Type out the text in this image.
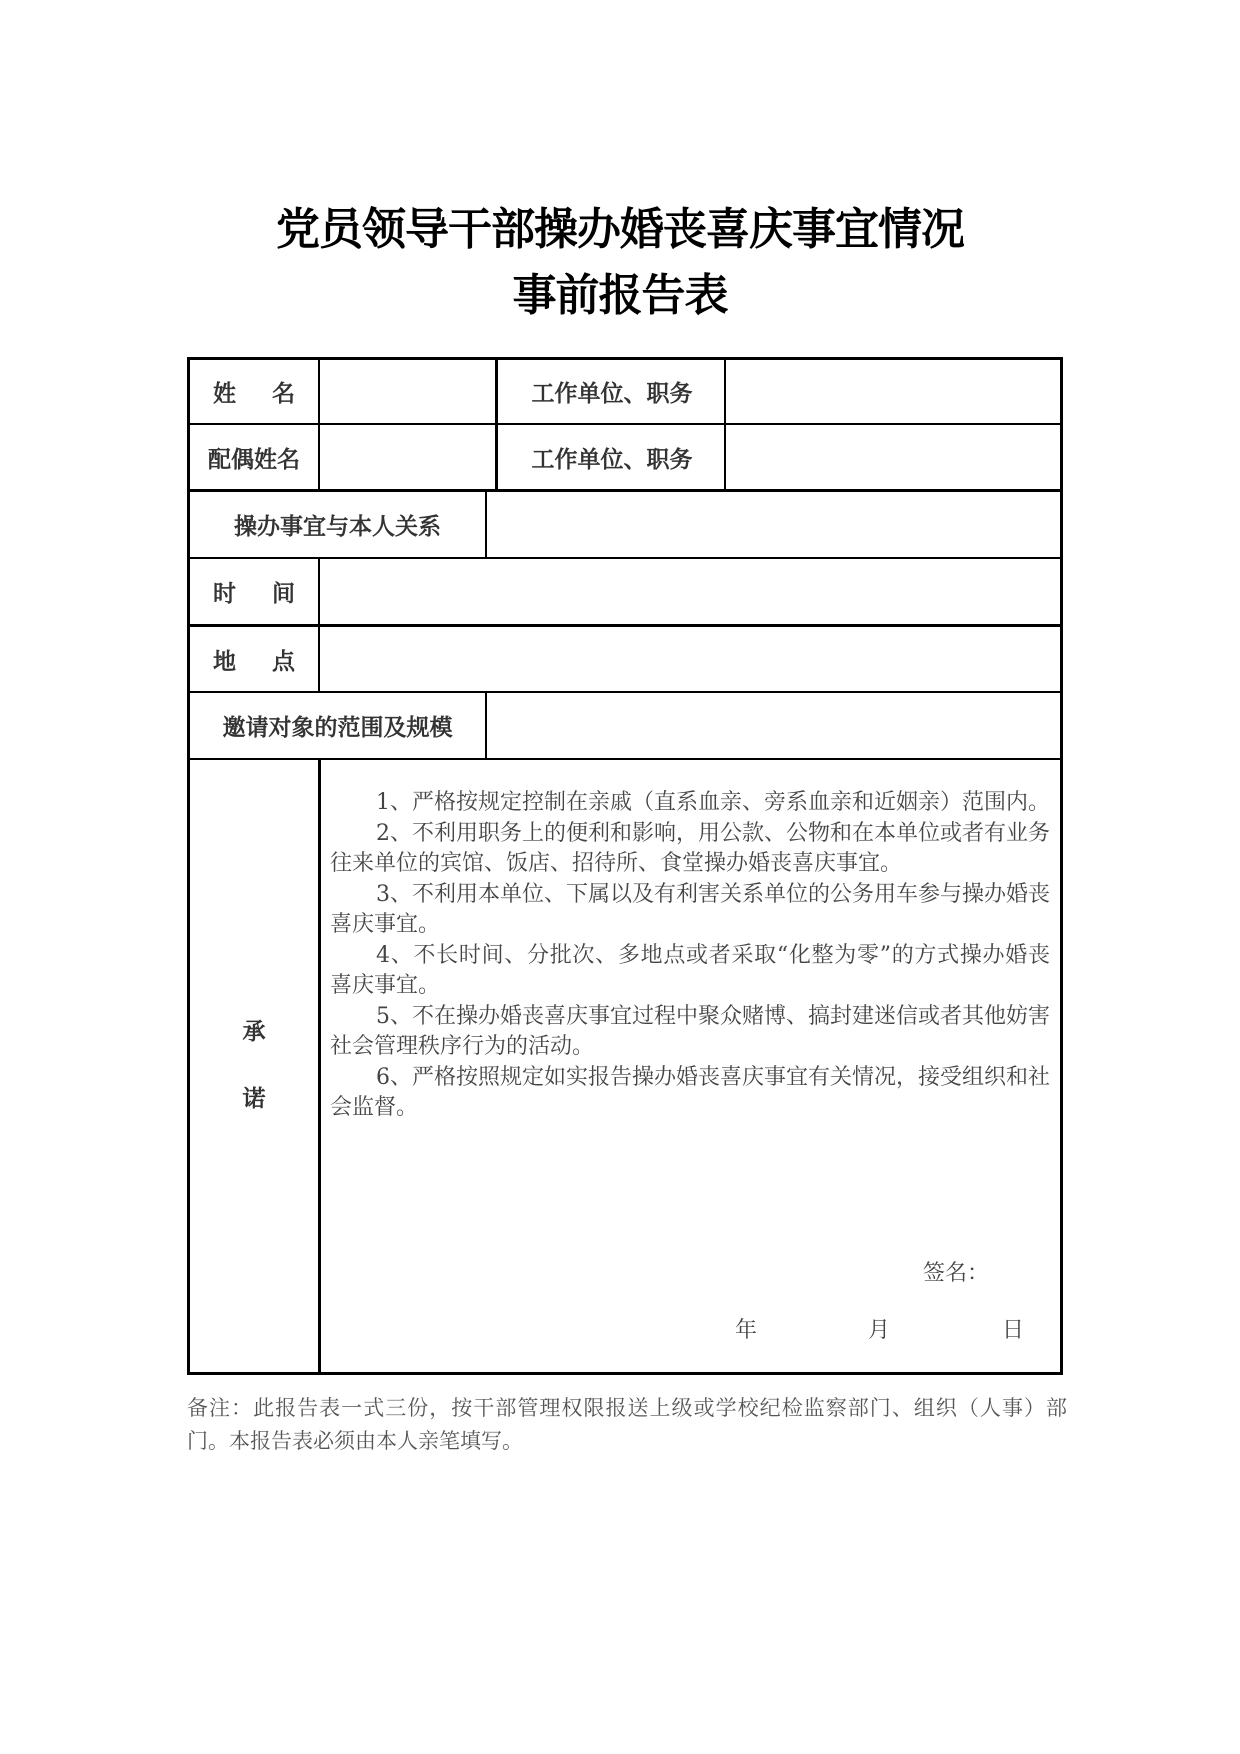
党员领导干部操办婚丧喜庆事宜情况
事前报告表
姓 名	工作单位、职务
配偶姓名	工作单位、职务
操办事宜与本人关系
时 间
地 点
邀请对象的范围及规模
承
诺

1、严格按规定控制在亲戚（直系血亲、旁系血亲和近姻亲）范围内。

2、不利用职务上的便利和影响，用公款、公物和在本单位或者有业务往来单位的宾馆、饭店、招待所、食堂操办婚丧喜庆事宜。

3、不利用本单位、下属以及有利害关系单位的公务用车参与操办婚丧喜庆事宜。

4、不长时间、分批次、多地点或者采取“化整为零”的方式操办婚丧喜庆事宜。

5、不在操办婚丧喜庆事宜过程中聚众赌博、搞封建迷信或者其他妨害社会管理秩序行为的活动。

6、严格按照规定如实报告操办婚丧喜庆事宜有关情况，接受组织和社会监督。

签名：
年	月	日
备注：此报告表一式三份，按干部管理权限报送上级或学校纪检监察部门、组织（人事）部门。本报告表必须由本人亲笔填写。
